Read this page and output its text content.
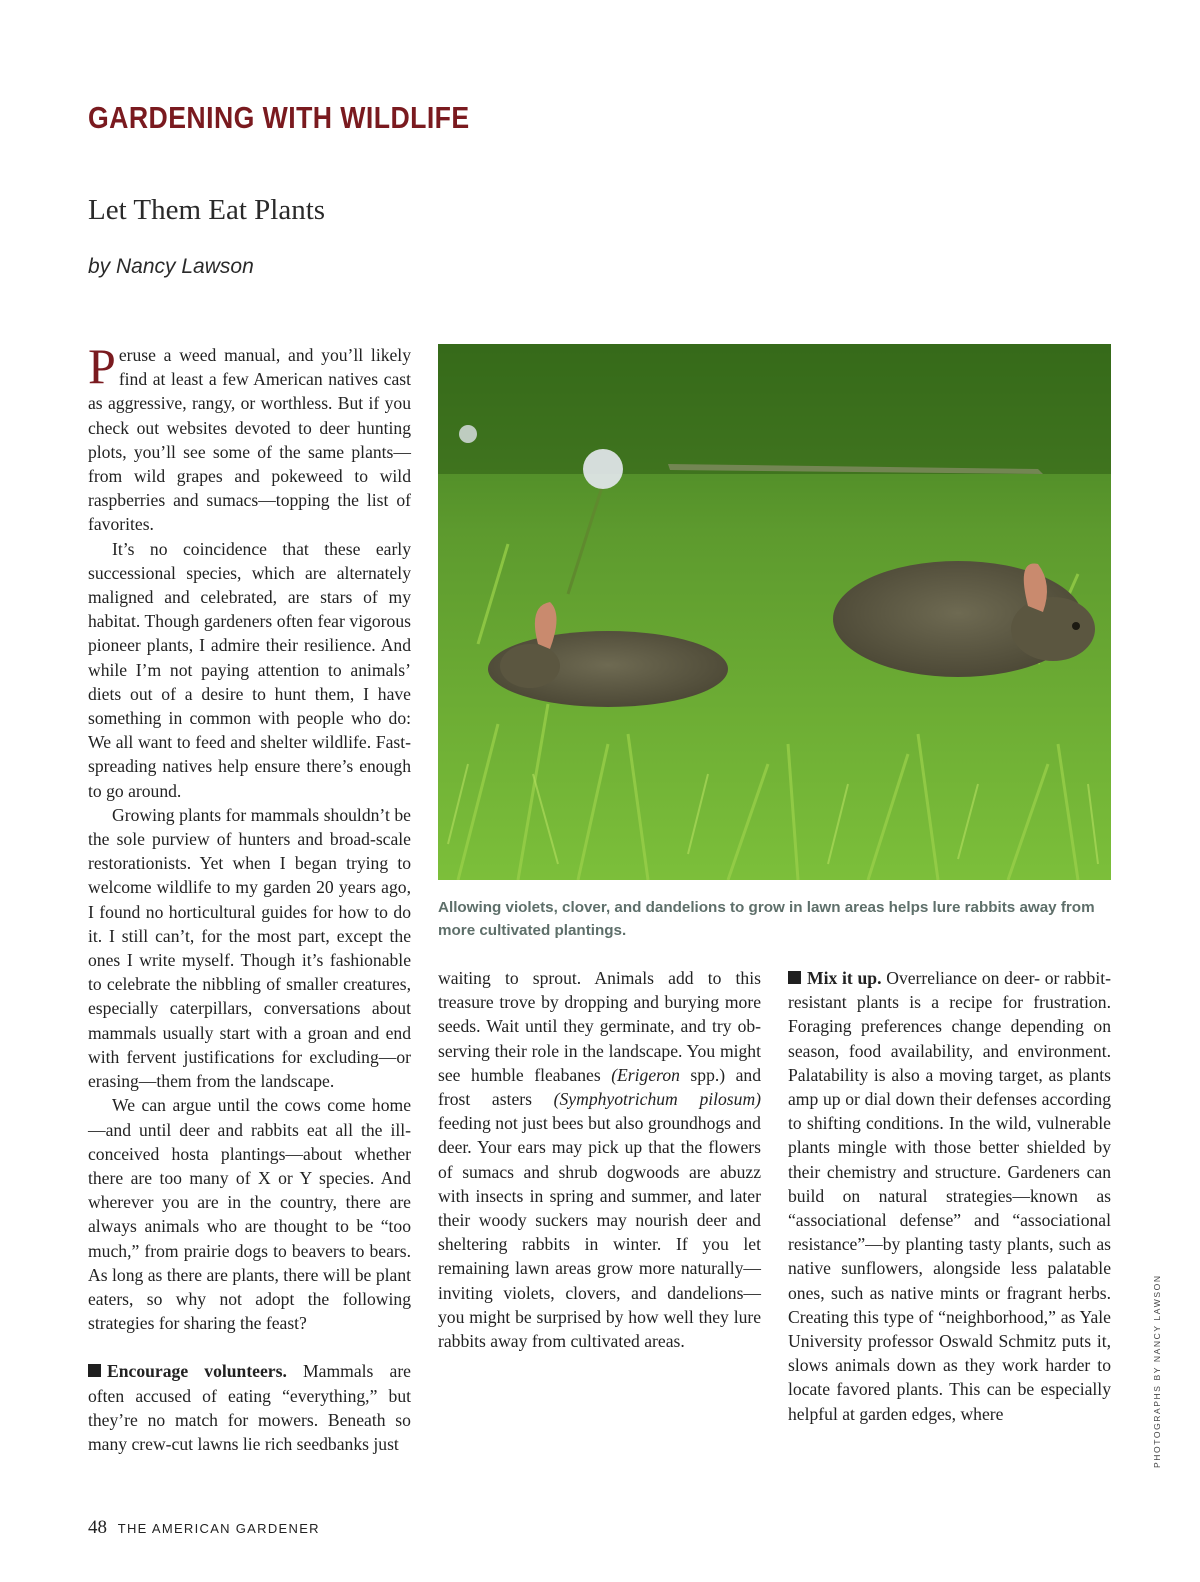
GARDENING WITH WILDLIFE
Let Them Eat Plants
by Nancy Lawson

Peruse a weed manual, and you’ll likely find at least a few American natives cast as aggressive, rangy, or worthless. But if you check out websites devoted to deer hunting plots, you’ll see some of the same plants—from wild grapes and pokeweed to wild raspberries and sumacs—topping the list of favorites.

It’s no coincidence that these early successional species, which are alternately maligned and celebrated, are stars of my habitat. Though gardeners often fear vigorous pioneer plants, I admire their resilience. And while I’m not paying attention to animals’ diets out of a desire to hunt them, I have something in common with people who do: We all want to feed and shelter wildlife. Fast-spreading natives help ensure there’s enough to go around.

Growing plants for mammals shouldn’t be the sole purview of hunters and broad-scale restorationists. Yet when I began trying to welcome wildlife to my garden 20 years ago, I found no horticultural guides for how to do it. I still can’t, for the most part, except the ones I write myself. Though it’s fashionable to celebrate the nibbling of smaller creatures, especially caterpillars, conversations about mammals usually start with a groan and end with fervent justifications for excluding—or erasing—them from the landscape.

We can argue until the cows come home—and until deer and rabbits eat all the ill-conceived hosta plantings—about whether there are too many of X or Y species. And wherever you are in the country, there are always animals who are thought to be “too much,” from prairie dogs to beavers to bears. As long as there are plants, there will be plant eaters, so why not adopt the following strategies for sharing the feast?

Encourage volunteers. Mammals are often accused of eating “everything,” but they’re no match for mowers. Beneath so many crew-cut lawns lie rich seedbanks just

waiting to sprout. Animals add to this treasure trove by dropping and burying more seeds. Wait until they germinate, and try observing their role in the landscape. You might see humble fleabanes (Erigeron spp.) and frost asters (Symphyotrichum pilosum) feeding not just bees but also groundhogs and deer. Your ears may pick up that the flowers of sumacs and shrub dogwoods are abuzz with insects in spring and summer, and later their woody suckers may nourish deer and sheltering rabbits in winter. If you let remaining lawn areas grow more naturally—inviting violets, clovers, and dandelions—you might be surprised by how well they lure rabbits away from cultivated areas.

Mix it up. Overreliance on deer- or rabbit-resistant plants is a recipe for frustration. Foraging preferences change depending on season, food availability, and environment. Palatability is also a moving target, as plants amp up or dial down their defenses according to shifting conditions. In the wild, vulnerable plants mingle with those better shielded by their chemistry and structure. Gardeners can build on natural strategies—known as “associational defense” and “associational resistance”—by planting tasty plants, such as native sunflowers, alongside less palatable ones, such as native mints or fragrant herbs. Creating this type of “neighborhood,” as Yale University professor Oswald Schmitz puts it, slows animals down as they work harder to locate favored plants. This can be especially helpful at garden edges, where

Allowing violets, clover, and dandelions to grow in lawn areas helps lure rabbits away from more cultivated plantings.
PHOTOGRAPHS BY NANCY LAWSON
48 THE AMERICAN GARDENER
